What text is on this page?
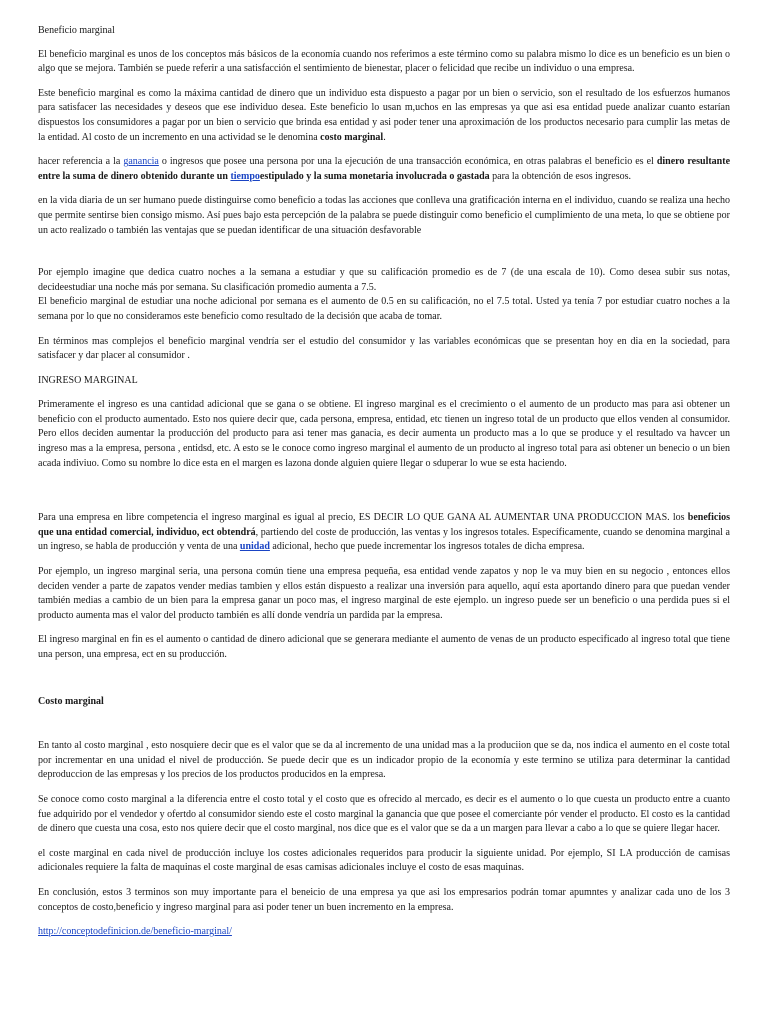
Beneficio marginal

El beneficio marginal es unos de los conceptos más básicos de la economía cuando nos referimos a este término como su palabra mismo lo dice es un beneficio es un bien o algo que se mejora. También se puede referir a una satisfacción el sentimiento de bienestar, placer o felicidad que recibe un individuo o una empresa.

Este beneficio marginal es como la máxima cantidad de dinero que un individuo esta dispuesto a pagar por un bien o servicio, son el resultado de los esfuerzos humanos para satisfacer las necesidades y deseos que ese individuo desea. Este beneficio lo usan m,uchos en las empresas ya que asi esa entidad puede analizar cuanto estarían dispuestos los consumidores a pagar por un bien o servicio que brinda esa entidad y asi poder tener una aproximación de los productos necesario para cumplir las metas de la entidad. Al costo de un incremento en una actividad se le denomina costo marginal.

hacer referencia a la ganancia o ingresos que posee una persona por una la ejecución de una transacción económica, en otras palabras el beneficio es el dinero resultante entre la suma de dinero obtenido durante un tiempoestipulado y la suma monetaria involucrada o gastada para la obtención de esos ingresos.

en la vida diaria de un ser humano puede distinguirse como beneficio a todas las acciones que conlleva una gratificación interna en el individuo, cuando se realiza una hecho que permite sentirse bien consigo mismo. Así pues bajo esta percepción de la palabra se puede distinguir como beneficio el cumplimiento de una meta, lo que se obtiene por un acto realizado o también las ventajas que se puedan identificar de una situación desfavorable

Por ejemplo imagine que dedica cuatro noches a la semana a estudiar y que su calificación promedio es de 7 (de una escala de 10). Como desea subir sus notas, decideestudiar una noche más por semana. Su clasificación promedio aumenta a 7.5.

El beneficio marginal de estudiar una noche adicional por semana es el aumento de 0.5 en su calificación, no el 7.5 total. Usted ya tenía 7 por estudiar cuatro noches a la semana por lo que no consideramos este beneficio como resultado de la decisión que acaba de tomar.

En términos mas complejos el beneficio marginal vendría ser el estudio del consumidor y las variables económicas que se presentan hoy en dia en la sociedad, para satisfacer y dar placer al consumidor .

INGRESO MARGINAL

Primeramente el ingreso es una cantidad adicional que se gana o se obtiene. El ingreso marginal es el crecimiento o el aumento de un producto mas para asi obtener un beneficio con el producto aumentado. Esto nos quiere decir que, cada persona, empresa, entidad, etc tienen un ingreso total de un producto que ellos venden al consumidor. Pero ellos deciden aumentar la producción del producto para asi tener mas ganacia, es decir aumenta un producto mas a lo que se produce y el resultado va havcer un ingreso mas a la empresa, persona , entidsd, etc. A esto se le conoce como ingreso marginal el aumento de un producto al ingreso total para asi obtener un benecio o un bien acada indiviuo. Como su nombre lo dice esta en el margen es lazona donde alguien quiere llegar o sduperar lo wue se esta haciendo.

Para una empresa en libre competencia el ingreso marginal es igual al precio, ES DECIR LO QUE GANA AL AUMENTAR UNA PRODUCCION MAS. los beneficios que una entidad comercial, individuo, ect obtendrá, partiendo del coste de producción, las ventas y los ingresos totales. Específicamente, cuando se denomina marginal a un ingreso, se habla de producción y venta de una unidad adicional, hecho que puede incrementar los ingresos totales de dicha empresa.

Por ejemplo, un ingreso marginal seria, una persona común tiene una empresa pequeña, esa entidad vende zapatos y nop le va muy bien en su negocio , entonces ellos deciden vender a parte de zapatos vender medias tambien y ellos están dispuesto a realizar una inversión para aquello, aquí esta aportando dinero para que puedan vender también medias a cambio de un bien para la empresa ganar un poco mas, el ingreso marginal de este ejemplo. un ingreso puede ser un beneficio o una perdida pues si el producto aumenta mas el valor del producto también es allí donde vendría un pardida par la empresa.

El ingreso marginal en fin es el aumento o cantidad de dinero adicional que se generara mediante el aumento de venas de un producto especificado al ingreso total que tiene una person, una empresa, ect en su producción.

Costo marginal

En tanto al costo marginal , esto nosquiere decir que es el valor que se da al incremento de una unidad mas a la produciion que se da, nos indica el aumento en el coste total por incrementar en una unidad el nivel de producción. Se puede decir que es un indicador propio de la economía y este termino se utiliza para determinar la cantidad deproduccion de las empresas y los precios de los productos producidos en la empresa.

Se conoce como costo marginal a la diferencia entre el costo total y el costo que es ofrecido al mercado, es decir es el aumento o lo que cuesta un producto entre a cuanto fue adquirido por el vendedor y ofertdo al consumidor siendo este el costo marginal la ganancia que que posee el comerciante pór vender el producto. El costo es la cantidad de dinero que cuesta una cosa, esto nos quiere decir que el costo marginal, nos dice que es el valor que se da a un margen para llevar a cabo a lo que se quiere llegar hacer.

el coste marginal en cada nivel de producción incluye los costes adicionales requeridos para producir la siguiente unidad. Por ejemplo, SI LA producción de camisas adicionales requiere la falta de maquinas el coste marginal de esas camisas adicionales incluye el costo de esas maquinas.

En conclusión, estos 3 terminos son muy importante para el beneicio de una empresa ya que asi los empresarios podrán tomar apumntes y analizar cada uno de los 3 conceptos de costo,beneficio y ingreso marginal para asi poder tener un buen incremento en la empresa.

http://conceptodefinicion.de/beneficio-marginal/
